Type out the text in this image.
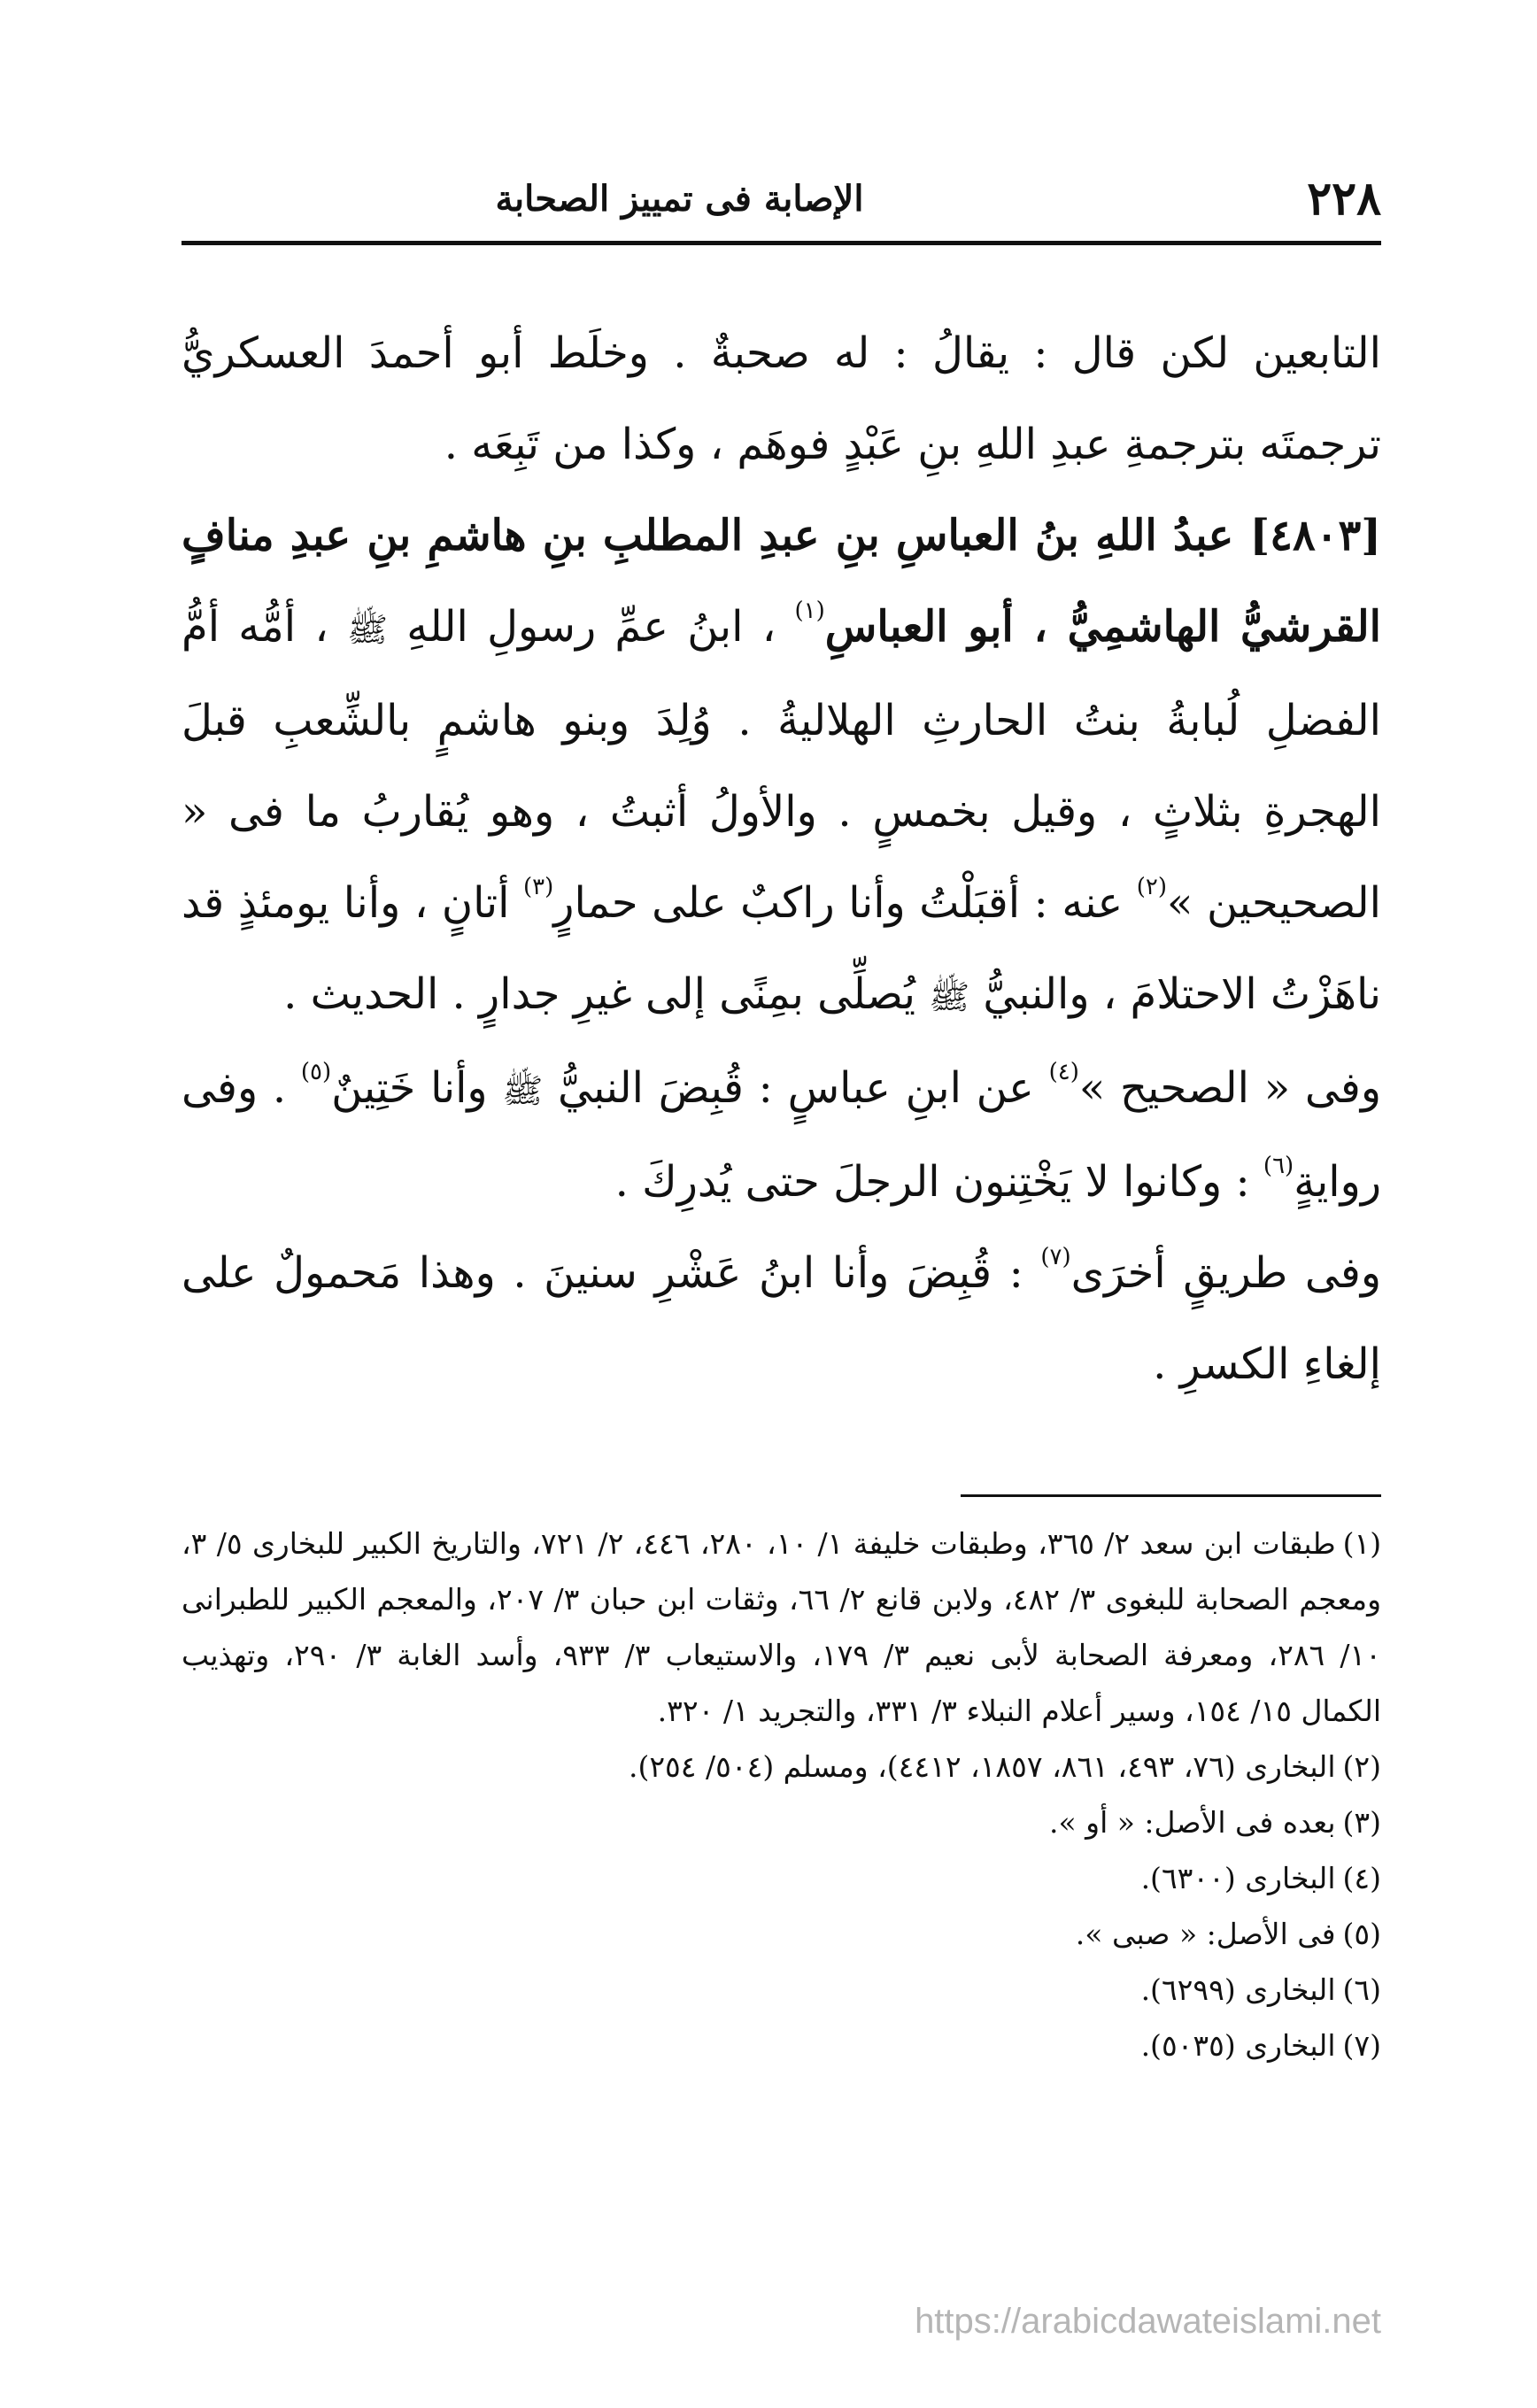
٢٢٨
الإصابة فى تمييز الصحابة

التابعين لكن قال : يقالُ : له صحبةٌ . وخلَط أبو أحمدَ العسكريُّ ترجمتَه بترجمةِ عبدِ اللهِ بنِ عَبْدٍ فوهَم ، وكذا من تَبِعَه .

[٤٨٠٣] عبدُ اللهِ بنُ العباسِ بنِ عبدِ المطلبِ بنِ هاشمِ بنِ عبدِ منافٍ القرشيُّ الهاشمِيُّ ، أبو العباسِ$^{(١)}$ ، ابنُ عمِّ رسولِ اللهِ ﷺ ، أمُّه أمُّ الفضلِ لُبابةُ بنتُ الحارثِ الهلاليةُ . وُلِدَ وبنو هاشمٍ بالشِّعبِ قبلَ الهجرةِ بثلاثٍ ، وقيل بخمسٍ . والأولُ أثبتُ ، وهو يُقاربُ ما فى « الصحيحين »$^{(٢)}$ عنه : أقبَلْتُ وأنا راكبٌ على حمارٍ$^{(٣)}$ أتانٍ ، وأنا يومئذٍ قد ناهَزْتُ الاحتلامَ ، والنبيُّ ﷺ يُصلِّى بمِنًى إلى غيرِ جدارٍ . الحديث .

وفى « الصحيح »$^{(٤)}$ عن ابنِ عباسٍ : قُبِضَ النبيُّ ﷺ وأنا خَتِينٌ$^{(٥)}$ . وفى روايةٍ$^{(٦)}$ : وكانوا لا يَخْتِنون الرجلَ حتى يُدرِكَ .

وفى طريقٍ أخرَى$^{(٧)}$ : قُبِضَ وأنا ابنُ عَشْرِ سنينَ . وهذا مَحمولٌ على إلغاءِ الكسرِ .

(١)طبقات ابن سعد ٢/ ٣٦٥، وطبقات خليفة ١/ ١٠، ٢٨٠، ٤٤٦، ٢/ ٧٢١، والتاريخ الكبير للبخارى ٥/ ٣، ومعجم الصحابة للبغوى ٣/ ٤٨٢، ولابن قانع ٢/ ٦٦، وثقات ابن حبان ٣/ ٢٠٧، والمعجم الكبير للطبرانى ١٠/ ٢٨٦، ومعرفة الصحابة لأبى نعيم ٣/ ١٧٩، والاستيعاب ٣/ ٩٣٣، وأسد الغابة ٣/ ٢٩٠، وتهذيب الكمال ١٥/ ١٥٤، وسير أعلام النبلاء ٣/ ٣٣١، والتجريد ١/ ٣٢٠.

(٢)البخارى (٧٦، ٤٩٣، ٨٦١، ١٨٥٧، ٤٤١٢)، ومسلم (٥٠٤/ ٢٥٤).

(٣)بعده فى الأصل: « أو ».

(٤)البخارى (٦٣٠٠).

(٥)فى الأصل: « صبى ».

(٦)البخارى (٦٢٩٩).

(٧)البخارى (٥٠٣٥).

https://arabicdawateislami.net
